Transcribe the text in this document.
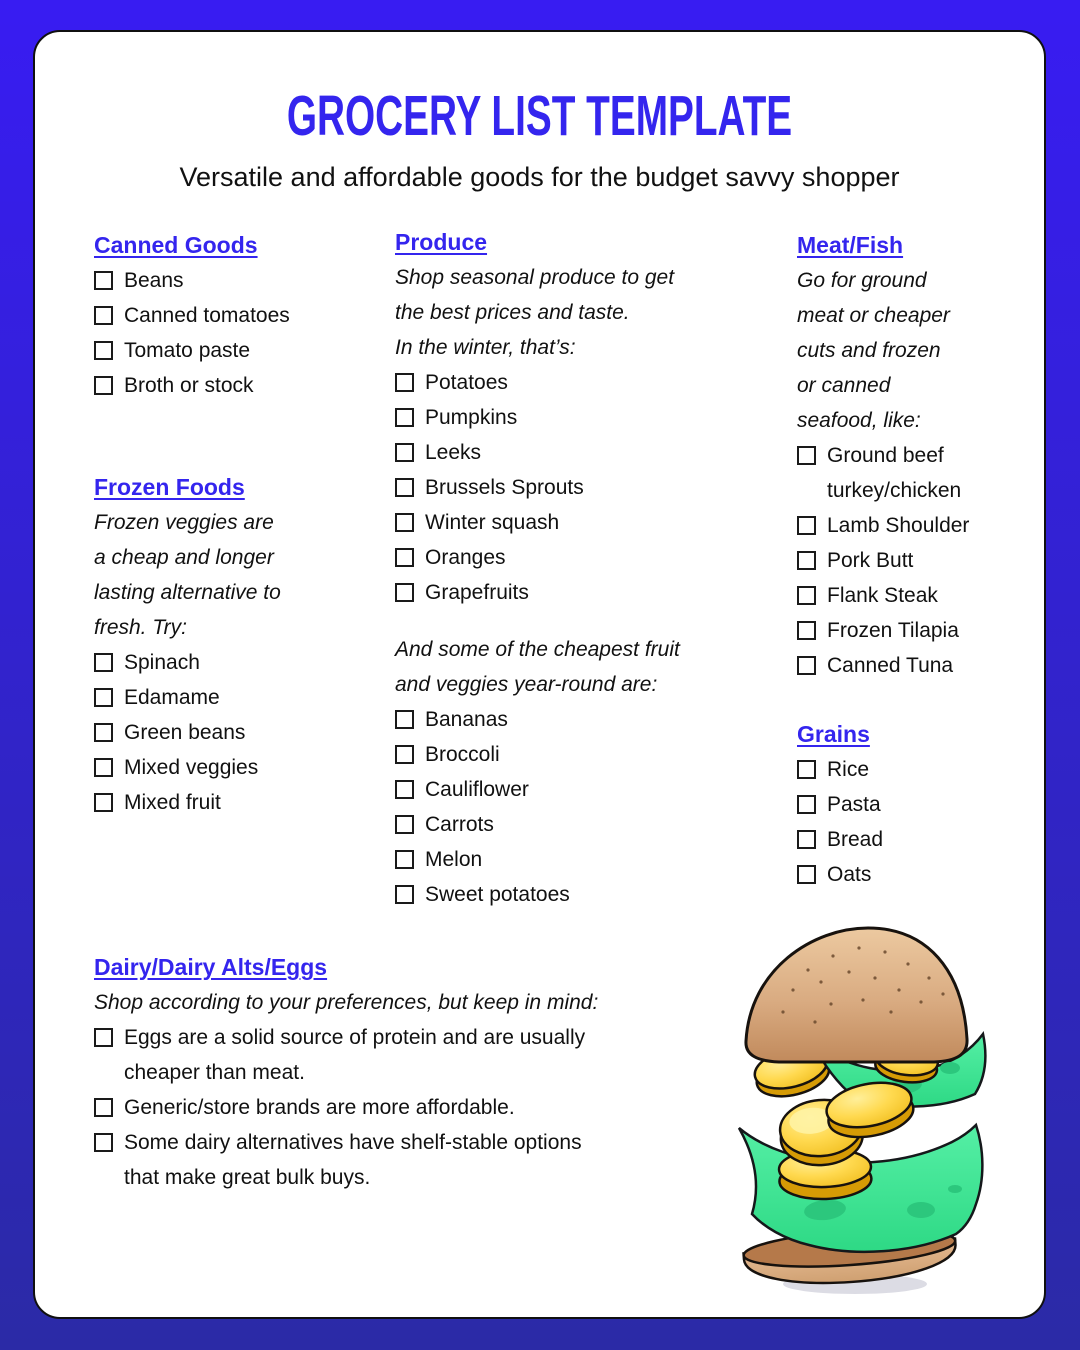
GROCERY LIST TEMPLATE
Versatile and affordable goods for the budget savvy shopper
Canned Goods
Beans
Canned tomatoes
Tomato paste
Broth or stock
Frozen Foods
Frozen veggies are
a cheap and longer
lasting alternative to
fresh. Try:
Spinach
Edamame
Green beans
Mixed veggies
Mixed fruit
Produce
Shop seasonal produce to get
the best prices and taste.
In the winter, that’s:
Potatoes
Pumpkins
Leeks
Brussels Sprouts
Winter squash
Oranges
Grapefruits
And some of the cheapest fruit
and veggies year-round are:
Bananas
Broccoli
Cauliflower
Carrots
Melon
Sweet potatoes
Meat/Fish
Go for ground
meat or cheaper
cuts and frozen
or canned
seafood, like:
Ground beef
turkey/chicken
Lamb Shoulder
Pork Butt
Flank Steak
Frozen Tilapia
Canned Tuna
Grains
Rice
Pasta
Bread
Oats
Dairy/Dairy Alts/Eggs
Shop according to your preferences, but keep in mind:
Eggs are a solid source of protein and are usually
cheaper than meat.
Generic/store brands are more affordable.
Some dairy alternatives have shelf-stable options
that make great bulk buys.
